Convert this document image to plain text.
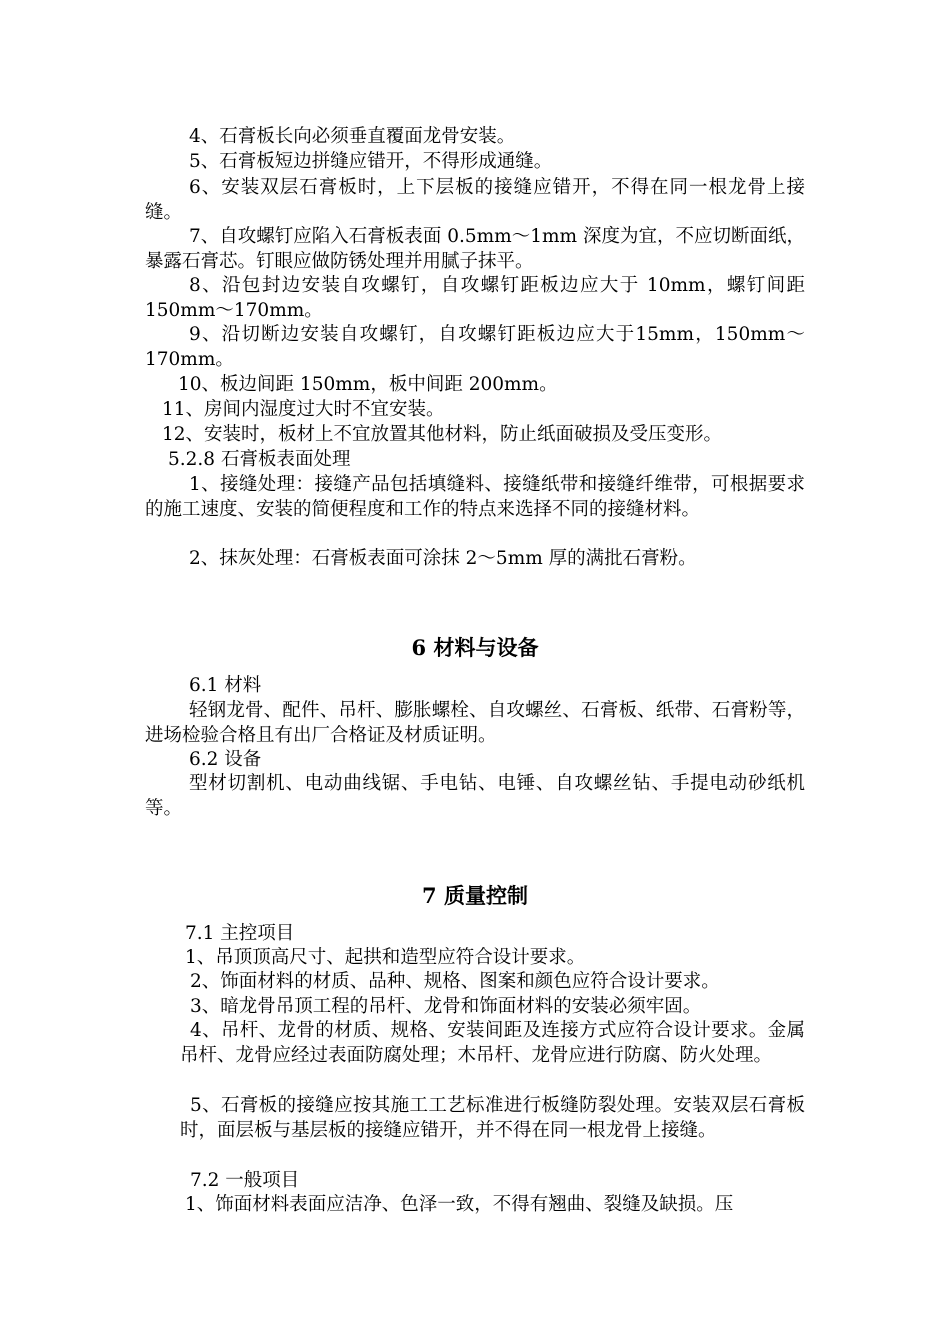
4、石膏板长向必须垂直覆面龙骨安装。
5、石膏板短边拼缝应错开，不得形成通缝。
6、安装双层石膏板时，上下层板的接缝应错开，不得在同一根龙骨上接缝。
7、自攻螺钉应陷入石膏板表面 0.5mm～1mm 深度为宜，不应切断面纸，暴露石膏芯。钉眼应做防锈处理并用腻子抹平。
8、沿包封边安装自攻螺钉，自攻螺钉距板边应大于 10mm，螺钉间距 150mm～170mm。
9、沿切断边安装自攻螺钉，自攻螺钉距板边应大于15mm，150mm～170mm。
10、板边间距 150mm，板中间距 200mm。
11、房间内湿度过大时不宜安装。
12、安装时，板材上不宜放置其他材料，防止纸面破损及受压变形。
5.2.8 石膏板表面处理
1、接缝处理：接缝产品包括填缝料、接缝纸带和接缝纤维带，可根据要求的施工速度、安装的简便程度和工作的特点来选择不同的接缝材料。
2、抹灰处理：石膏板表面可涂抹 2～5mm 厚的满批石膏粉。
6 材料与设备
6.1 材料
轻钢龙骨、配件、吊杆、膨胀螺栓、自攻螺丝、石膏板、纸带、石膏粉等，进场检验合格且有出厂合格证及材质证明。
6.2 设备
型材切割机、电动曲线锯、手电钻、电锤、自攻螺丝钻、手提电动砂纸机等。
7 质量控制
7.1 主控项目
1、吊顶顶高尺寸、起拱和造型应符合设计要求。
2、饰面材料的材质、品种、规格、图案和颜色应符合设计要求。
3、暗龙骨吊顶工程的吊杆、龙骨和饰面材料的安装必须牢固。
4、吊杆、龙骨的材质、规格、安装间距及连接方式应符合设计要求。金属吊杆、龙骨应经过表面防腐处理；木吊杆、龙骨应进行防腐、防火处理。
5、石膏板的接缝应按其施工工艺标准进行板缝防裂处理。安装双层石膏板时，面层板与基层板的接缝应错开，并不得在同一根龙骨上接缝。
7.2 一般项目
1、饰面材料表面应洁净、色泽一致，不得有翘曲、裂缝及缺损。压
